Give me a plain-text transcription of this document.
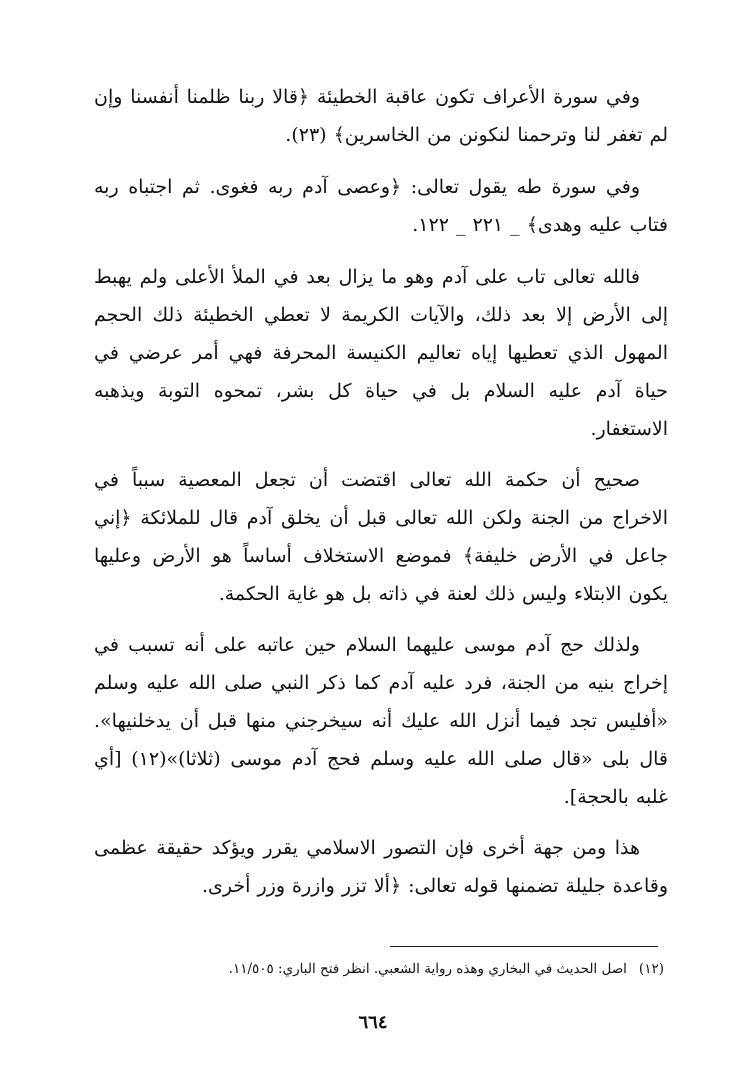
وفي سورة الأعراف تكون عاقبة الخطيئة ﴿قالا ربنا ظلمنا أنفسنا وإن لم تغفر لنا وترحمنا لنكونن من الخاسرين﴾ (٢٣).

وفي سورة طه يقول تعالى: ﴿وعصى آدم ربه فغوى. ثم اجتباه ربه فتاب عليه وهدى﴾ _ ٢٢١ _ ١٢٢.

فالله تعالى تاب على آدم وهو ما يزال بعد في الملأ الأعلى ولم يهبط إلى الأرض إلا بعد ذلك، والآيات الكريمة لا تعطي الخطيئة ذلك الحجم المهول الذي تعطيها إياه تعاليم الكنيسة المحرفة فهي أمر عرضي في حياة آدم عليه السلام بل في حياة كل بشر، تمحوه التوبة ويذهبه الاستغفار.

صحيح أن حكمة الله تعالى اقتضت أن تجعل المعصية سبباً في الاخراج من الجنة ولكن الله تعالى قبل أن يخلق آدم قال للملائكة ﴿إني جاعل في الأرض خليفة﴾ فموضع الاستخلاف أساساً هو الأرض وعليها يكون الابتلاء وليس ذلك لعنة في ذاته بل هو غاية الحكمة.

ولذلك حج آدم موسى عليهما السلام حين عاتبه على أنه تسبب في إخراج بنيه من الجنة، فرد عليه آدم كما ذكر النبي صلى الله عليه وسلم «أفليس تجد فيما أنزل الله عليك أنه سيخرجني منها قبل أن يدخلنيها». قال بلى «قال صلى الله عليه وسلم فحج آدم موسى (ثلاثا)»(١٢) [أي غلبه بالحجة].

هذا ومن جهة أخرى فإن التصور الاسلامي يقرر ويؤكد حقيقة عظمى وقاعدة جليلة تضمنها قوله تعالى: ﴿ألا تزر وازرة وزر أخرى.

(١٢)اصل الحديث في البخاري وهذه رواية الشعبي. انظر فتح الباري: ١١/٥٠٥.
٦٦٤
